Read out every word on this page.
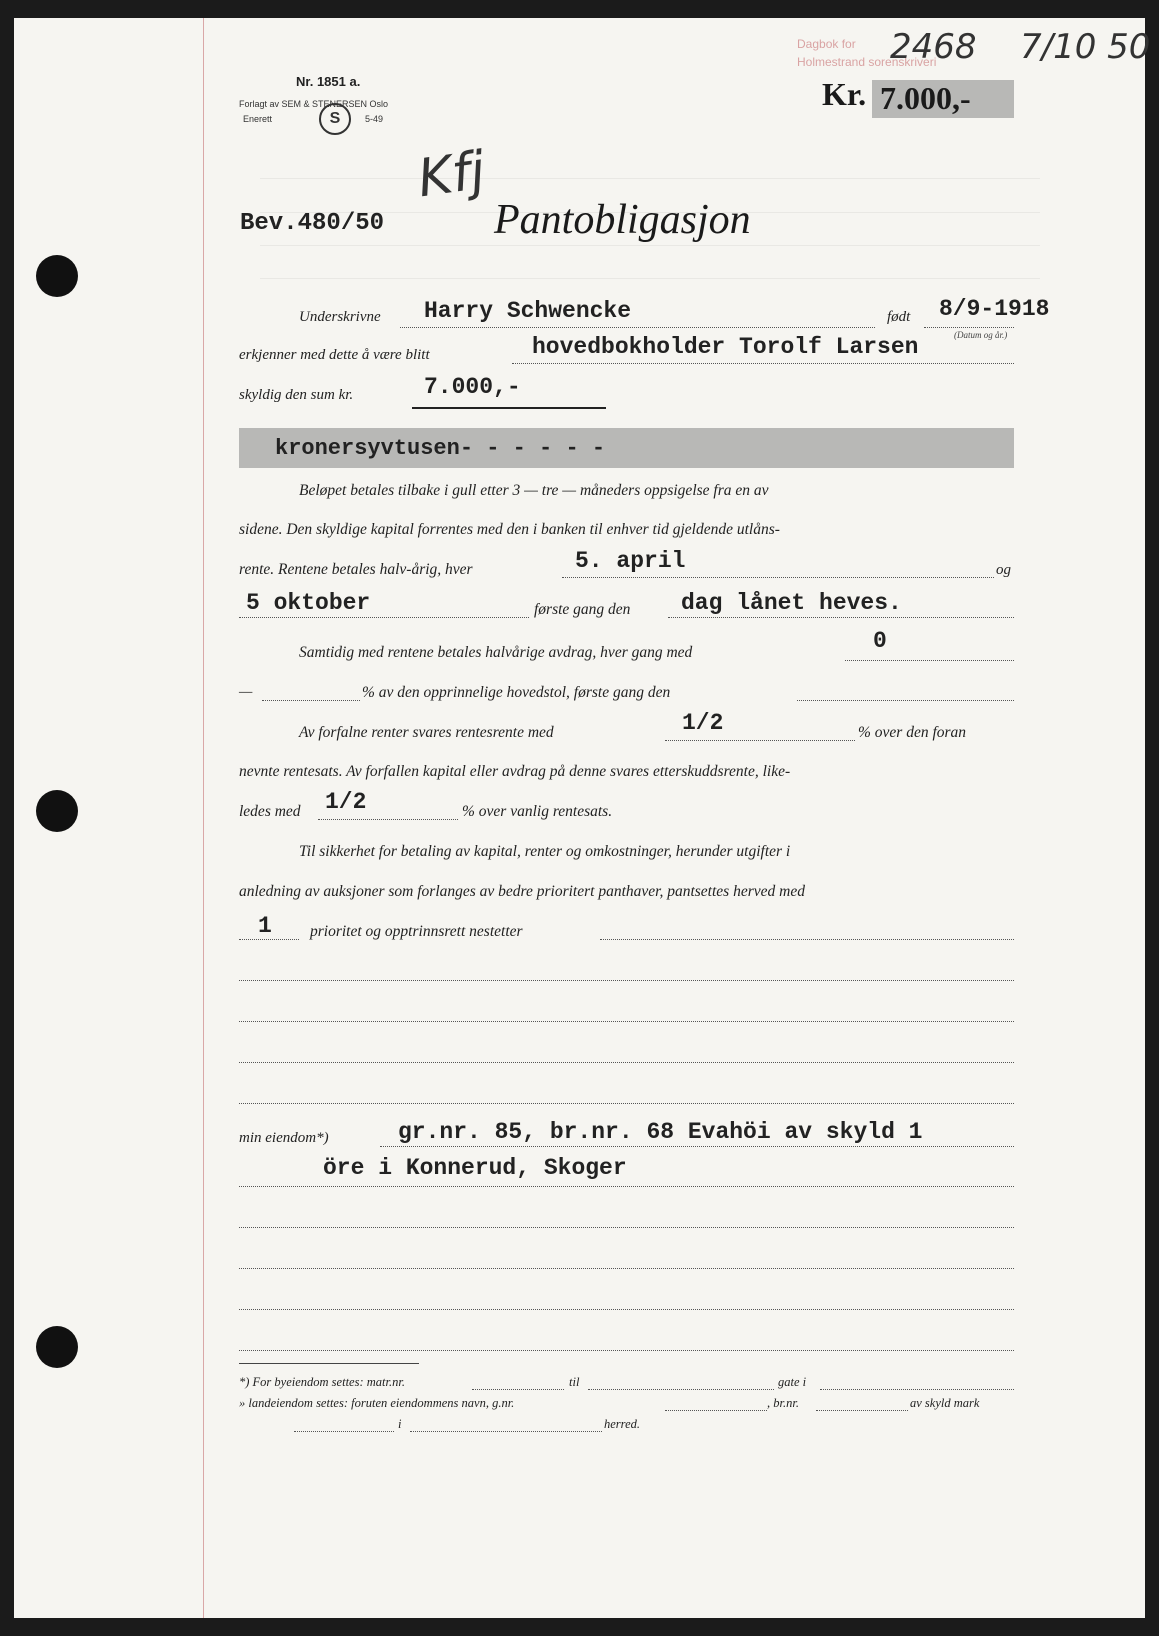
Nr. 1851 a.
Forlagt av SEM & STENERSEN Oslo
Enerett	S	5-49
Dagbok for
Holmestrand sorenskriveri
2468 7/10 50
Kr. 7.000,-
Kfj
Bev.480/50	Pantobligasjon
Underskrivne Harry Schwencke	født 8/9-1918
(Datum og år.)
erkjenner med dette å være blitt	hovedbokholder Torolf Larsen
skyldig den sum kr.	7.000,-
kronersyvtusen- - - - - -
Beløpet betales tilbake i gull etter 3 — tre — måneders oppsigelse fra en av
sidene. Den skyldige kapital forrentes med den i banken til enhver tid gjeldende utlåns-
rente. Rentene betales halv-årig, hver	5. april	og
5 oktober	første gang den dag lånet heves.
Samtidig med rentene betales halvårige avdrag, hver gang med	0
—	% av den opprinnelige hovedstol, første gang den
Av forfalne renter svares rentesrente med	1/2	% over den foran
nevnte rentesats. Av forfallen kapital eller avdrag på denne svares etterskuddsrente, like-
ledes med 1/2	% over vanlig rentesats.
Til sikkerhet for betaling av kapital, renter og omkostninger, herunder utgifter i
anledning av auksjoner som forlanges av bedre prioritert panthaver, pantsettes herved med
1 prioritet og opptrinnsrett nestetter
min eiendom*)	gr.nr. 85, br.nr. 68 Evahöi av skyld 1
öre i Konnerud, Skoger
*) For byeiendom settes: matr.nr.	til	gate i
» landeiendom settes: foruten eiendommens navn, g.nr.	, br.nr.	av skyld mark
i	herred.
